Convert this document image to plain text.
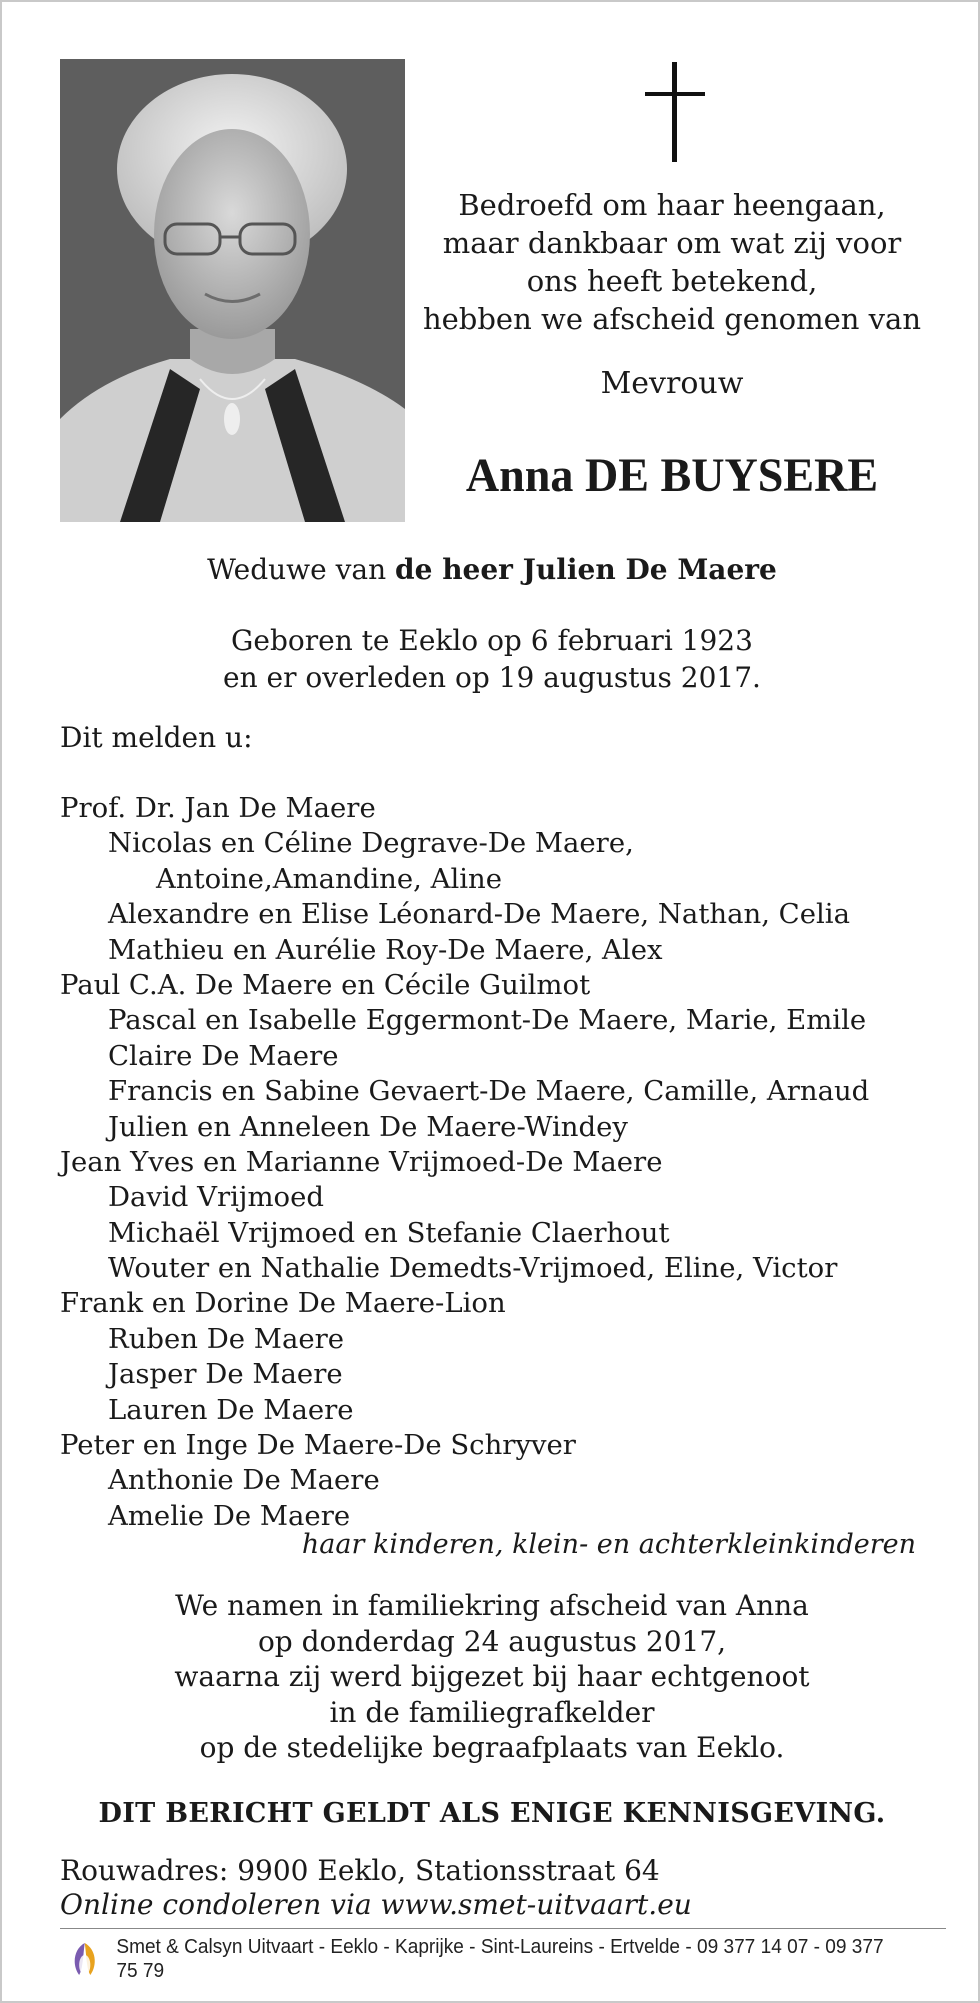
Bedroefd om haar heengaan,
maar dankbaar om wat zij voor
ons heeft betekend,
hebben we afscheid genomen van
Mevrouw
Anna DE BUYSERE
Weduwe van de heer Julien De Maere
Geboren te Eeklo op 6 februari 1923
en er overleden op 19 augustus 2017.
Dit melden u:
Prof. Dr. Jan De Maere
Nicolas en Céline Degrave-De Maere,
Antoine,Amandine, Aline
Alexandre en Elise Léonard-De Maere, Nathan, Celia
Mathieu en Aurélie Roy-De Maere, Alex
Paul C.A. De Maere en Cécile Guilmot
Pascal en Isabelle Eggermont-De Maere, Marie, Emile
Claire De Maere
Francis en Sabine Gevaert-De Maere, Camille, Arnaud
Julien en Anneleen De Maere-Windey
Jean Yves en Marianne Vrijmoed-De Maere
David Vrijmoed
Michaël Vrijmoed en Stefanie Claerhout
Wouter en Nathalie Demedts-Vrijmoed, Eline, Victor
Frank en Dorine De Maere-Lion
Ruben De Maere
Jasper De Maere
Lauren De Maere
Peter en Inge De Maere-De Schryver
Anthonie De Maere
Amelie De Maere
haar kinderen, klein- en achterkleinkinderen
We namen in familiekring afscheid van Anna
op donderdag 24 augustus 2017,
waarna zij werd bijgezet bij haar echtgenoot
in de familiegrafkelder
op de stedelijke begraafplaats van Eeklo.
DIT BERICHT GELDT ALS ENIGE KENNISGEVING.
Rouwadres: 9900 Eeklo, Stationsstraat 64
Online condoleren via www.smet-uitvaart.eu
Smet & Calsyn Uitvaart - Eeklo - Kaprijke - Sint-Laureins - Ertvelde - 09 377 14 07 - 09 377 75 79
